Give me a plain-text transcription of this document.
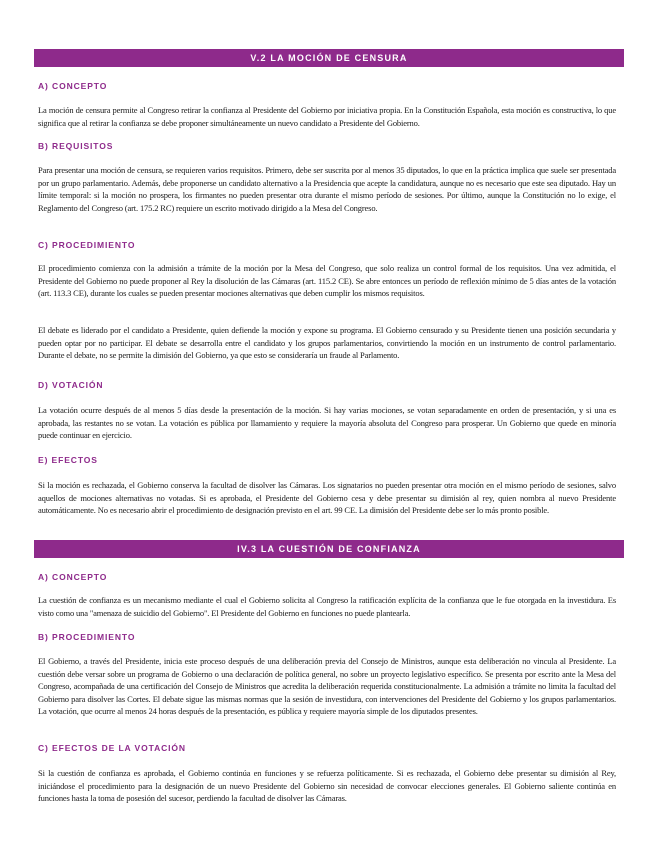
V.2 LA MOCIÓN DE CENSURA
A) CONCEPTO

La moción de censura permite al Congreso retirar la confianza al Presidente del Gobierno por iniciativa propia. En la Constitución Española, esta moción es constructiva, lo que significa que al retirar la confianza se debe proponer simultáneamente un nuevo candidato a Presidente del Gobierno.

B) REQUISITOS

Para presentar una moción de censura, se requieren varios requisitos. Primero, debe ser suscrita por al menos 35 diputados, lo que en la práctica implica que suele ser presentada por un grupo parlamentario. Además, debe proponerse un candidato alternativo a la Presidencia que acepte la candidatura, aunque no es necesario que este sea diputado. Hay un límite temporal: si la moción no prospera, los firmantes no pueden presentar otra durante el mismo período de sesiones. Por último, aunque la Constitución no lo exige, el Reglamento del Congreso (art. 175.2 RC) requiere un escrito motivado dirigido a la Mesa del Congreso.

C) PROCEDIMIENTO

El procedimiento comienza con la admisión a trámite de la moción por la Mesa del Congreso, que solo realiza un control formal de los requisitos. Una vez admitida, el Presidente del Gobierno no puede proponer al Rey la disolución de las Cámaras (art. 115.2 CE). Se abre entonces un período de reflexión mínimo de 5 días antes de la votación (art. 113.3 CE), durante los cuales se pueden presentar mociones alternativas que deben cumplir los mismos requisitos.

El debate es liderado por el candidato a Presidente, quien defiende la moción y expone su programa. El Gobierno censurado y su Presidente tienen una posición secundaria y pueden optar por no participar. El debate se desarrolla entre el candidato y los grupos parlamentarios, convirtiendo la moción en un instrumento de control parlamentario. Durante el debate, no se permite la dimisión del Gobierno, ya que esto se consideraría un fraude al Parlamento.

D) VOTACIÓN

La votación ocurre después de al menos 5 días desde la presentación de la moción. Si hay varias mociones, se votan separadamente en orden de presentación, y si una es aprobada, las restantes no se votan. La votación es pública por llamamiento y requiere la mayoría absoluta del Congreso para prosperar. Un Gobierno que quede en minoría puede continuar en ejercicio.

E) EFECTOS

Si la moción es rechazada, el Gobierno conserva la facultad de disolver las Cámaras. Los signatarios no pueden presentar otra moción en el mismo período de sesiones, salvo aquellos de mociones alternativas no votadas. Si es aprobada, el Presidente del Gobierno cesa y debe presentar su dimisión al rey, quien nombra al nuevo Presidente automáticamente. No es necesario abrir el procedimiento de designación previsto en el art. 99 CE. La dimisión del Presidente debe ser lo más pronto posible.

IV.3 LA CUESTIÓN DE CONFIANZA
A) CONCEPTO

La cuestión de confianza es un mecanismo mediante el cual el Gobierno solicita al Congreso la ratificación explícita de la confianza que le fue otorgada en la investidura. Es visto como una "amenaza de suicidio del Gobierno". El Presidente del Gobierno en funciones no puede plantearla.

B) PROCEDIMIENTO

El Gobierno, a través del Presidente, inicia este proceso después de una deliberación previa del Consejo de Ministros, aunque esta deliberación no vincula al Presidente. La cuestión debe versar sobre un programa de Gobierno o una declaración de política general, no sobre un proyecto legislativo específico. Se presenta por escrito ante la Mesa del Congreso, acompañada de una certificación del Consejo de Ministros que acredita la deliberación requerida constitucionalmente. La admisión a trámite no limita la facultad del Gobierno para disolver las Cortes. El debate sigue las mismas normas que la sesión de investidura, con intervenciones del Presidente del Gobierno y los grupos parlamentarios. La votación, que ocurre al menos 24 horas después de la presentación, es pública y requiere mayoría simple de los diputados presentes.

C) EFECTOS DE LA VOTACIÓN

Si la cuestión de confianza es aprobada, el Gobierno continúa en funciones y se refuerza políticamente. Si es rechazada, el Gobierno debe presentar su dimisión al Rey, iniciándose el procedimiento para la designación de un nuevo Presidente del Gobierno sin necesidad de convocar elecciones generales. El Gobierno saliente continúa en funciones hasta la toma de posesión del sucesor, perdiendo la facultad de disolver las Cámaras.
